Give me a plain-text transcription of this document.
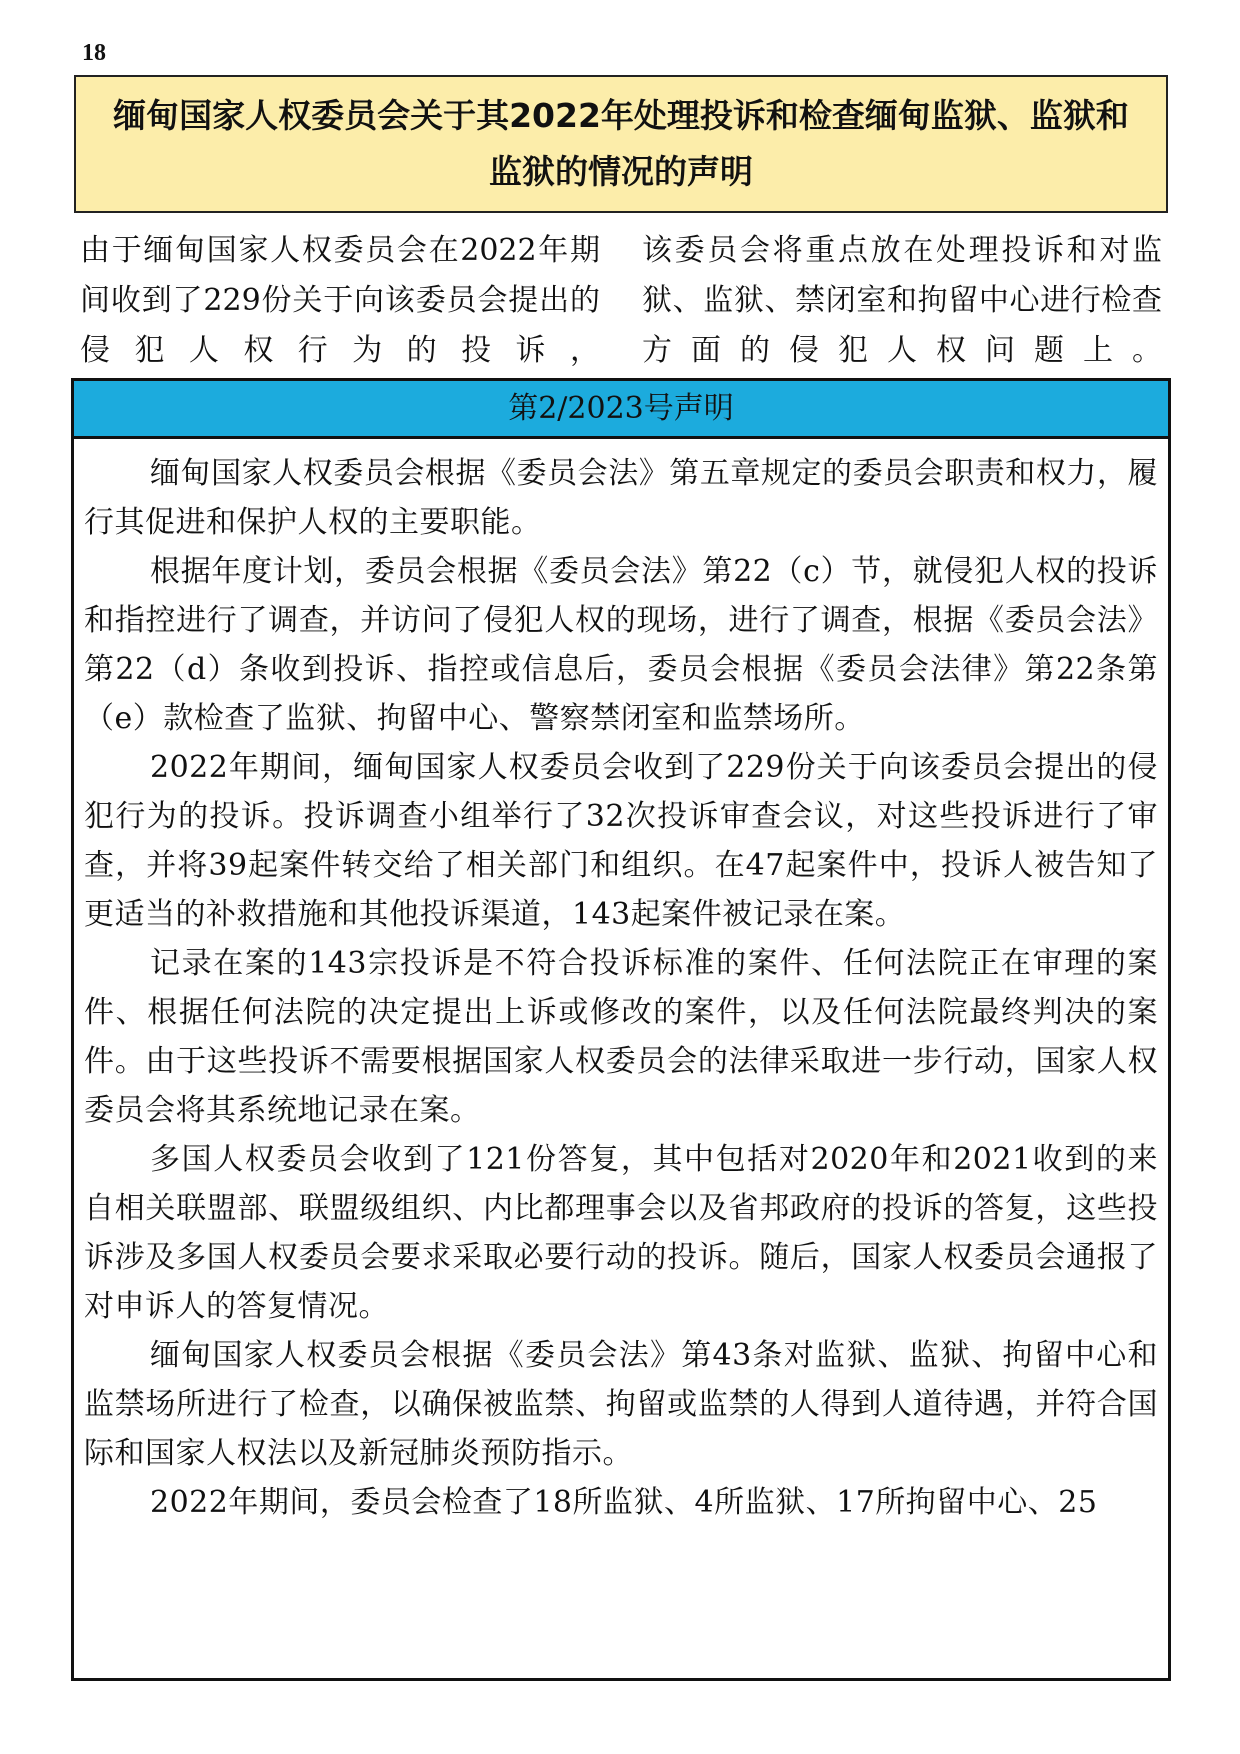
18
缅甸国家人权委员会关于其2022年处理投诉和检查缅甸监狱、监狱和监狱的情况的声明

由于缅甸国家人权委员会在2022年期间收到了229份关于向该委员会提出的侵犯人权行为的投诉，

该委员会将重点放在处理投诉和对监狱、监狱、禁闭室和拘留中心进行检查方面的侵犯人权问题上。

第2/2023号声明

缅甸国家人权委员会根据《委员会法》第五章规定的委员会职责和权力，履行其促进和保护人权的主要职能。

根据年度计划，委员会根据《委员会法》第22（c）节，就侵犯人权的投诉和指控进行了调查，并访问了侵犯人权的现场，进行了调查，根据《委员会法》第22（d）条收到投诉、指控或信息后，委员会根据《委员会法律》第22条第（e）款检查了监狱、拘留中心、警察禁闭室和监禁场所。

2022年期间，缅甸国家人权委员会收到了229份关于向该委员会提出的侵犯行为的投诉。投诉调查小组举行了32次投诉审查会议，对这些投诉进行了审查，并将39起案件转交给了相关部门和组织。在47起案件中，投诉人被告知了更适当的补救措施和其他投诉渠道，143起案件被记录在案。

记录在案的143宗投诉是不符合投诉标准的案件、任何法院正在审理的案件、根据任何法院的决定提出上诉或修改的案件，以及任何法院最终判决的案件。由于这些投诉不需要根据国家人权委员会的法律采取进一步行动，国家人权委员会将其系统地记录在案。

多国人权委员会收到了121份答复，其中包括对2020年和2021收到的来自相关联盟部、联盟级组织、内比都理事会以及省邦政府的投诉的答复，这些投诉涉及多国人权委员会要求采取必要行动的投诉。随后，国家人权委员会通报了对申诉人的答复情况。

缅甸国家人权委员会根据《委员会法》第43条对监狱、监狱、拘留中心和监禁场所进行了检查，以确保被监禁、拘留或监禁的人得到人道待遇，并符合国际和国家人权法以及新冠肺炎预防指示。

2022年期间，委员会检查了18所监狱、4所监狱、17所拘留中心、25
